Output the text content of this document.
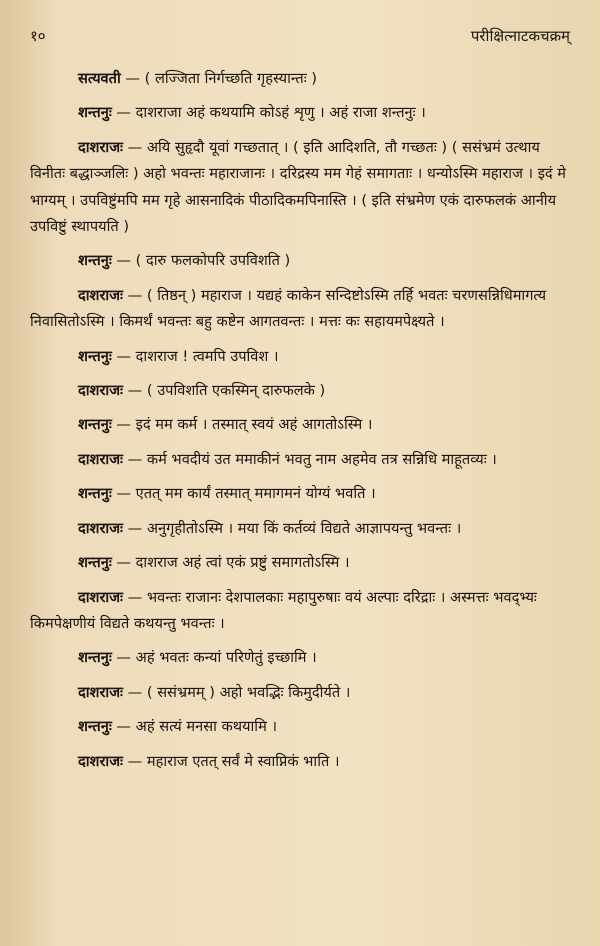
१०	परीक्षित्नाटकचक्रम्

सत्यवती — ( लज्जिता निर्गच्छति गृहस्यान्तः )

शन्तनुः — दाशराजा अहं कथयामि कोऽहं शृणु । अहं राजा शन्तनुः ।

दाशराजः — अयि सुहृदौ यूवां गच्छतात् । ( इति आदिशति, तौ गच्छतः ) ( ससंभ्रमं उत्थाय विनीतः बद्धाञ्जलिः ) अहो भवन्तः महाराजानः । दरिद्रस्य मम गेहं समागताः । धन्योऽस्मि महाराज । इदं मे भाग्यम् । उपविष्टुंमपि मम गृहे आसनादिकं पीठादिकमपिनास्ति । ( इति संभ्रमेण एकं दारुफलकं आनीय उपविष्टुं स्थापयति )

शन्तनुः — ( दारु फलकोपरि उपविशति )

दाशराजः — ( तिष्ठन् ) महाराज । यद्यहं काकेन सन्दिष्टोऽस्मि तर्हि भवतः चरणसन्निधिमागत्य निवासितोऽस्मि । किमर्थं भवन्तः बहु कष्टेन आगतवन्तः । मत्तः कः सहायमपेक्ष्यते ।

शन्तनुः — दाशराज ! त्वमपि उपविश ।

दाशराजः — ( उपविशति एकस्मिन् दारुफलके )

शन्तनुः — इदं मम कर्म । तस्मात् स्वयं अहं आगतोऽस्मि ।

दाशराजः — कर्म भवदीयं उत ममाकीनं भवतु नाम अहमेव तत्र सन्निधि माहूतव्यः ।

शन्तनुः — एतत् मम कार्यं तस्मात् ममागमनं योग्यं भवति ।

दाशराजः — अनुगृहीतोऽस्मि । मया किं कर्तव्यं विद्यते आज्ञापयन्तु भवन्तः ।

शन्तनुः — दाशराज अहं त्वां एकं प्रष्टुं समागतोऽस्मि ।

दाशराजः — भवन्तः राजानः देशपालकाः महापुरुषाः वयं अल्पाः दरिद्राः । अस्मत्तः भवद्भ्यः किमपेक्षणीयं विद्यते कथयन्तु भवन्तः ।

शन्तनुः — अहं भवतः कन्यां परिणेतुं इच्छामि ।

दाशराजः — ( ससंभ्रमम् ) अहो भवद्भिः किमुदीर्यते ।

शन्तनुः — अहं सत्यं मनसा कथयामि ।

दाशराजः — महाराज एतत् सर्वं मे स्वाप्निकं भाति ।
